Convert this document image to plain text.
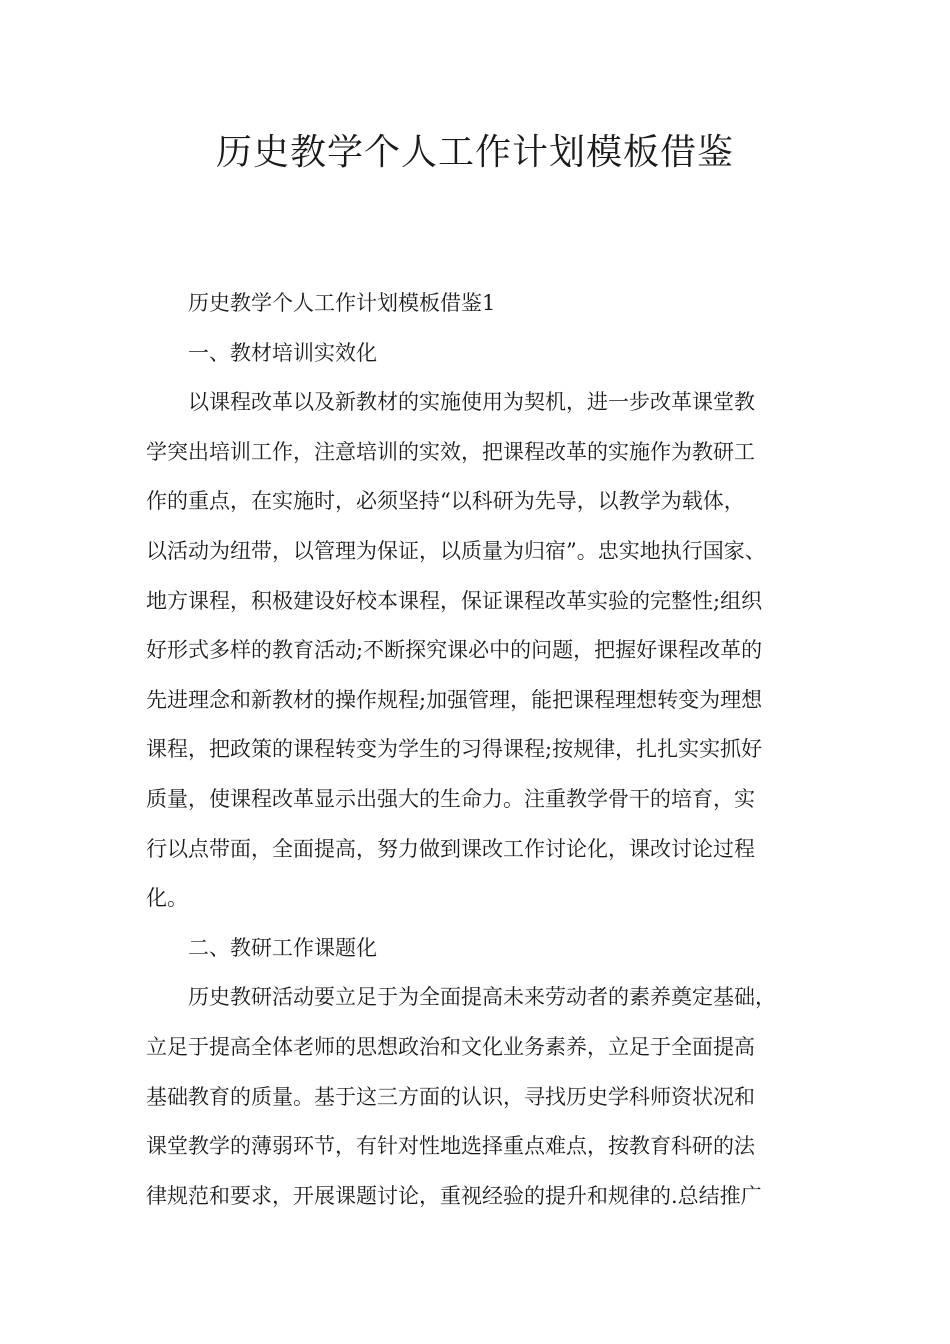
历史教学个人工作计划模板借鉴
历史教学个人工作计划模板借鉴1
一、教材培训实效化
以课程改革以及新教材的实施使用为契机，进一步改革课堂教
学突出培训工作，注意培训的实效，把课程改革的实施作为教研工
作的重点，在实施时，必须坚持“以科研为先导，以教学为载体，
以活动为纽带，以管理为保证，以质量为归宿”。忠实地执行国家、
地方课程，积极建设好校本课程，保证课程改革实验的完整性;组织
好形式多样的教育活动;不断探究课必中的问题，把握好课程改革的
先进理念和新教材的操作规程;加强管理，能把课程理想转变为理想
课程，把政策的课程转变为学生的习得课程;按规律，扎扎实实抓好
质量，使课程改革显示出强大的生命力。注重教学骨干的培育，实
行以点带面，全面提高，努力做到课改工作讨论化，课改讨论过程
化。
二、教研工作课题化
历史教研活动要立足于为全面提高未来劳动者的素养奠定基础，
立足于提高全体老师的思想政治和文化业务素养，立足于全面提高
基础教育的质量。基于这三方面的认识，寻找历史学科师资状况和
课堂教学的薄弱环节，有针对性地选择重点难点，按教育科研的法
律规范和要求，开展课题讨论，重视经验的提升和规律的.总结推广
